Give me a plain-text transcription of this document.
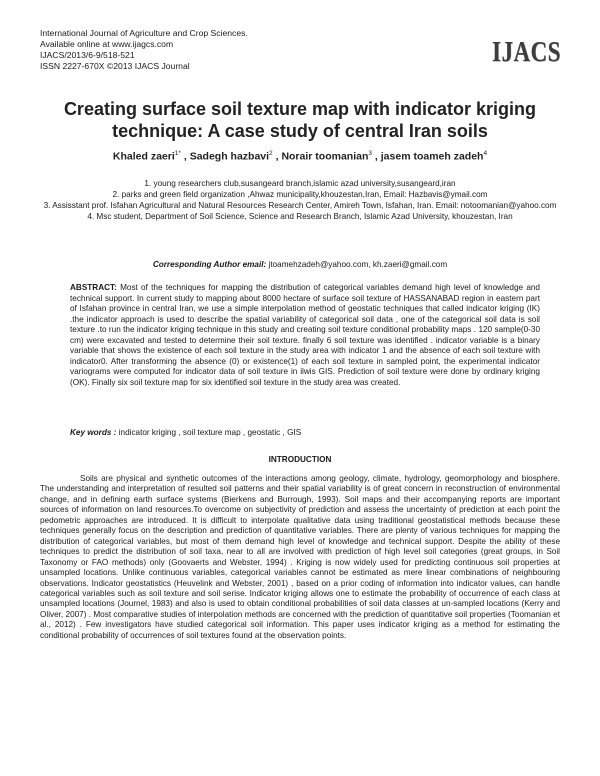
International Journal of Agriculture and Crop Sciences.
Available online at www.ijagcs.com
IJACS/2013/6-9/518-521
ISSN 2227-670X ©2013 IJACS Journal	IJACS
Creating surface soil texture map with indicator kriging technique: A case study of central Iran soils
Khaled zaeri$^{1*}$ , Sadegh hazbavi$^2$ , Norair toomanian$^3$ , jasem toameh zadeh$^4$
1. young researchers club,susangeard branch,islamic azad university,susangeard,iran
2. parks and green field organization ,Ahwaz municipality,khouzestan,Iran, Email: Hazbavis@ymail.com
3. Assisstant prof. Isfahan Agricultural and Natural Resources Research Center, Amireh Town, Isfahan, Iran. Email: notoomanian@yahoo.com
4. Msc student, Department of Soil Science, Science and Research Branch, Islamic Azad University, khouzestan, Iran
Corresponding Author email: jtoamehzadeh@yahoo.com, kh.zaeri@gmail.com
ABSTRACT: Most of the techniques for mapping the distribution of categorical variables demand high level of knowledge and technical support. In current study to mapping about 8000 hectare of surface soil texture of HASSANABAD region in eastern part of Isfahan province in central Iran, we use a simple interpolation method of geostatic techniques that called indicator kriging (IK) .the indicator approach is used to describe the spatial variability of categorical soil data , one of the categorical soil data is soil texture .to run the indicator kriging technique in this study and creating soil texture conditional probability maps . 120 sample(0-30 cm) were excavated and tested to determine their soil texture. finally 6 soil texture was identified . indicator variable is a binary variable that shows the existence of each soil texture in the study area with indicator 1 and the absence of each soil texture with indicator0. After transforming the absence (0) or existence(1) of each soil texture in sampled point, the experimental indicator variograms were computed for indicator data of soil texture in ilwis GIS. Prediction of soil texture were done by ordinary kriging (OK). Finally six soil texture map for six identified soil texture in the study area was created.
Key words : indicator kriging , soil texture map , geostatic , GIS
INTRODUCTION
Soils are physical and synthetic outcomes of the interactions among geology, climate, hydrology, geomorphology and biosphere. The understanding and interpretation of resulted soil patterns and their spatial variability is of great concern in reconstruction of environmental change, and in defining earth surface systems (Bierkens and Burrough, 1993). Soil maps and their accompanying reports are important sources of information on land resources.To overcome on subjectivity of prediction and assess the uncertainty of prediction at each point the pedometric approaches are introduced. It is difficult to interpolate qualitative data using traditional geostatistical methods because these techniques generally focus on the description and prediction of quantitative variables. There are plenty of various techniques for mapping the distribution of categorical variables, but most of them demand high level of knowledge and technical support. Despite the ability of these techniques to predict the distribution of soil taxa, near to all are involved with prediction of high level soil categories (great groups, in Soil Taxonomy or FAO methods) only (Goovaerts and Webster, 1994) . Kriging is now widely used for predicting continuous soil properties at unsampled locations. Unlike continuous variables, categorical variables cannot be estimated as mere linear combinations of neighbouring observations. Indicator geostatistics (Heuvelink and Webster, 2001) , based on a prior coding of information into indicator values, can handle categorical variables such as soil texture and soil serise. Indicator kriging allows one to estimate the probability of occurrence of each class at unsampled locations (Journel, 1983) and also is used to obtain conditional probabilities of soil data classes at un-sampled locations (Kerry and Oliver, 2007) . Most comparative studies of interpolation methods are concerned with the prediction of quantitative soil properties (Toomanian et al., 2012) . Few investigators have studied categorical soil information. This paper uses indicator kriging as a method for estimating the conditional probability of occurrences of soil textures found at the observation points.
